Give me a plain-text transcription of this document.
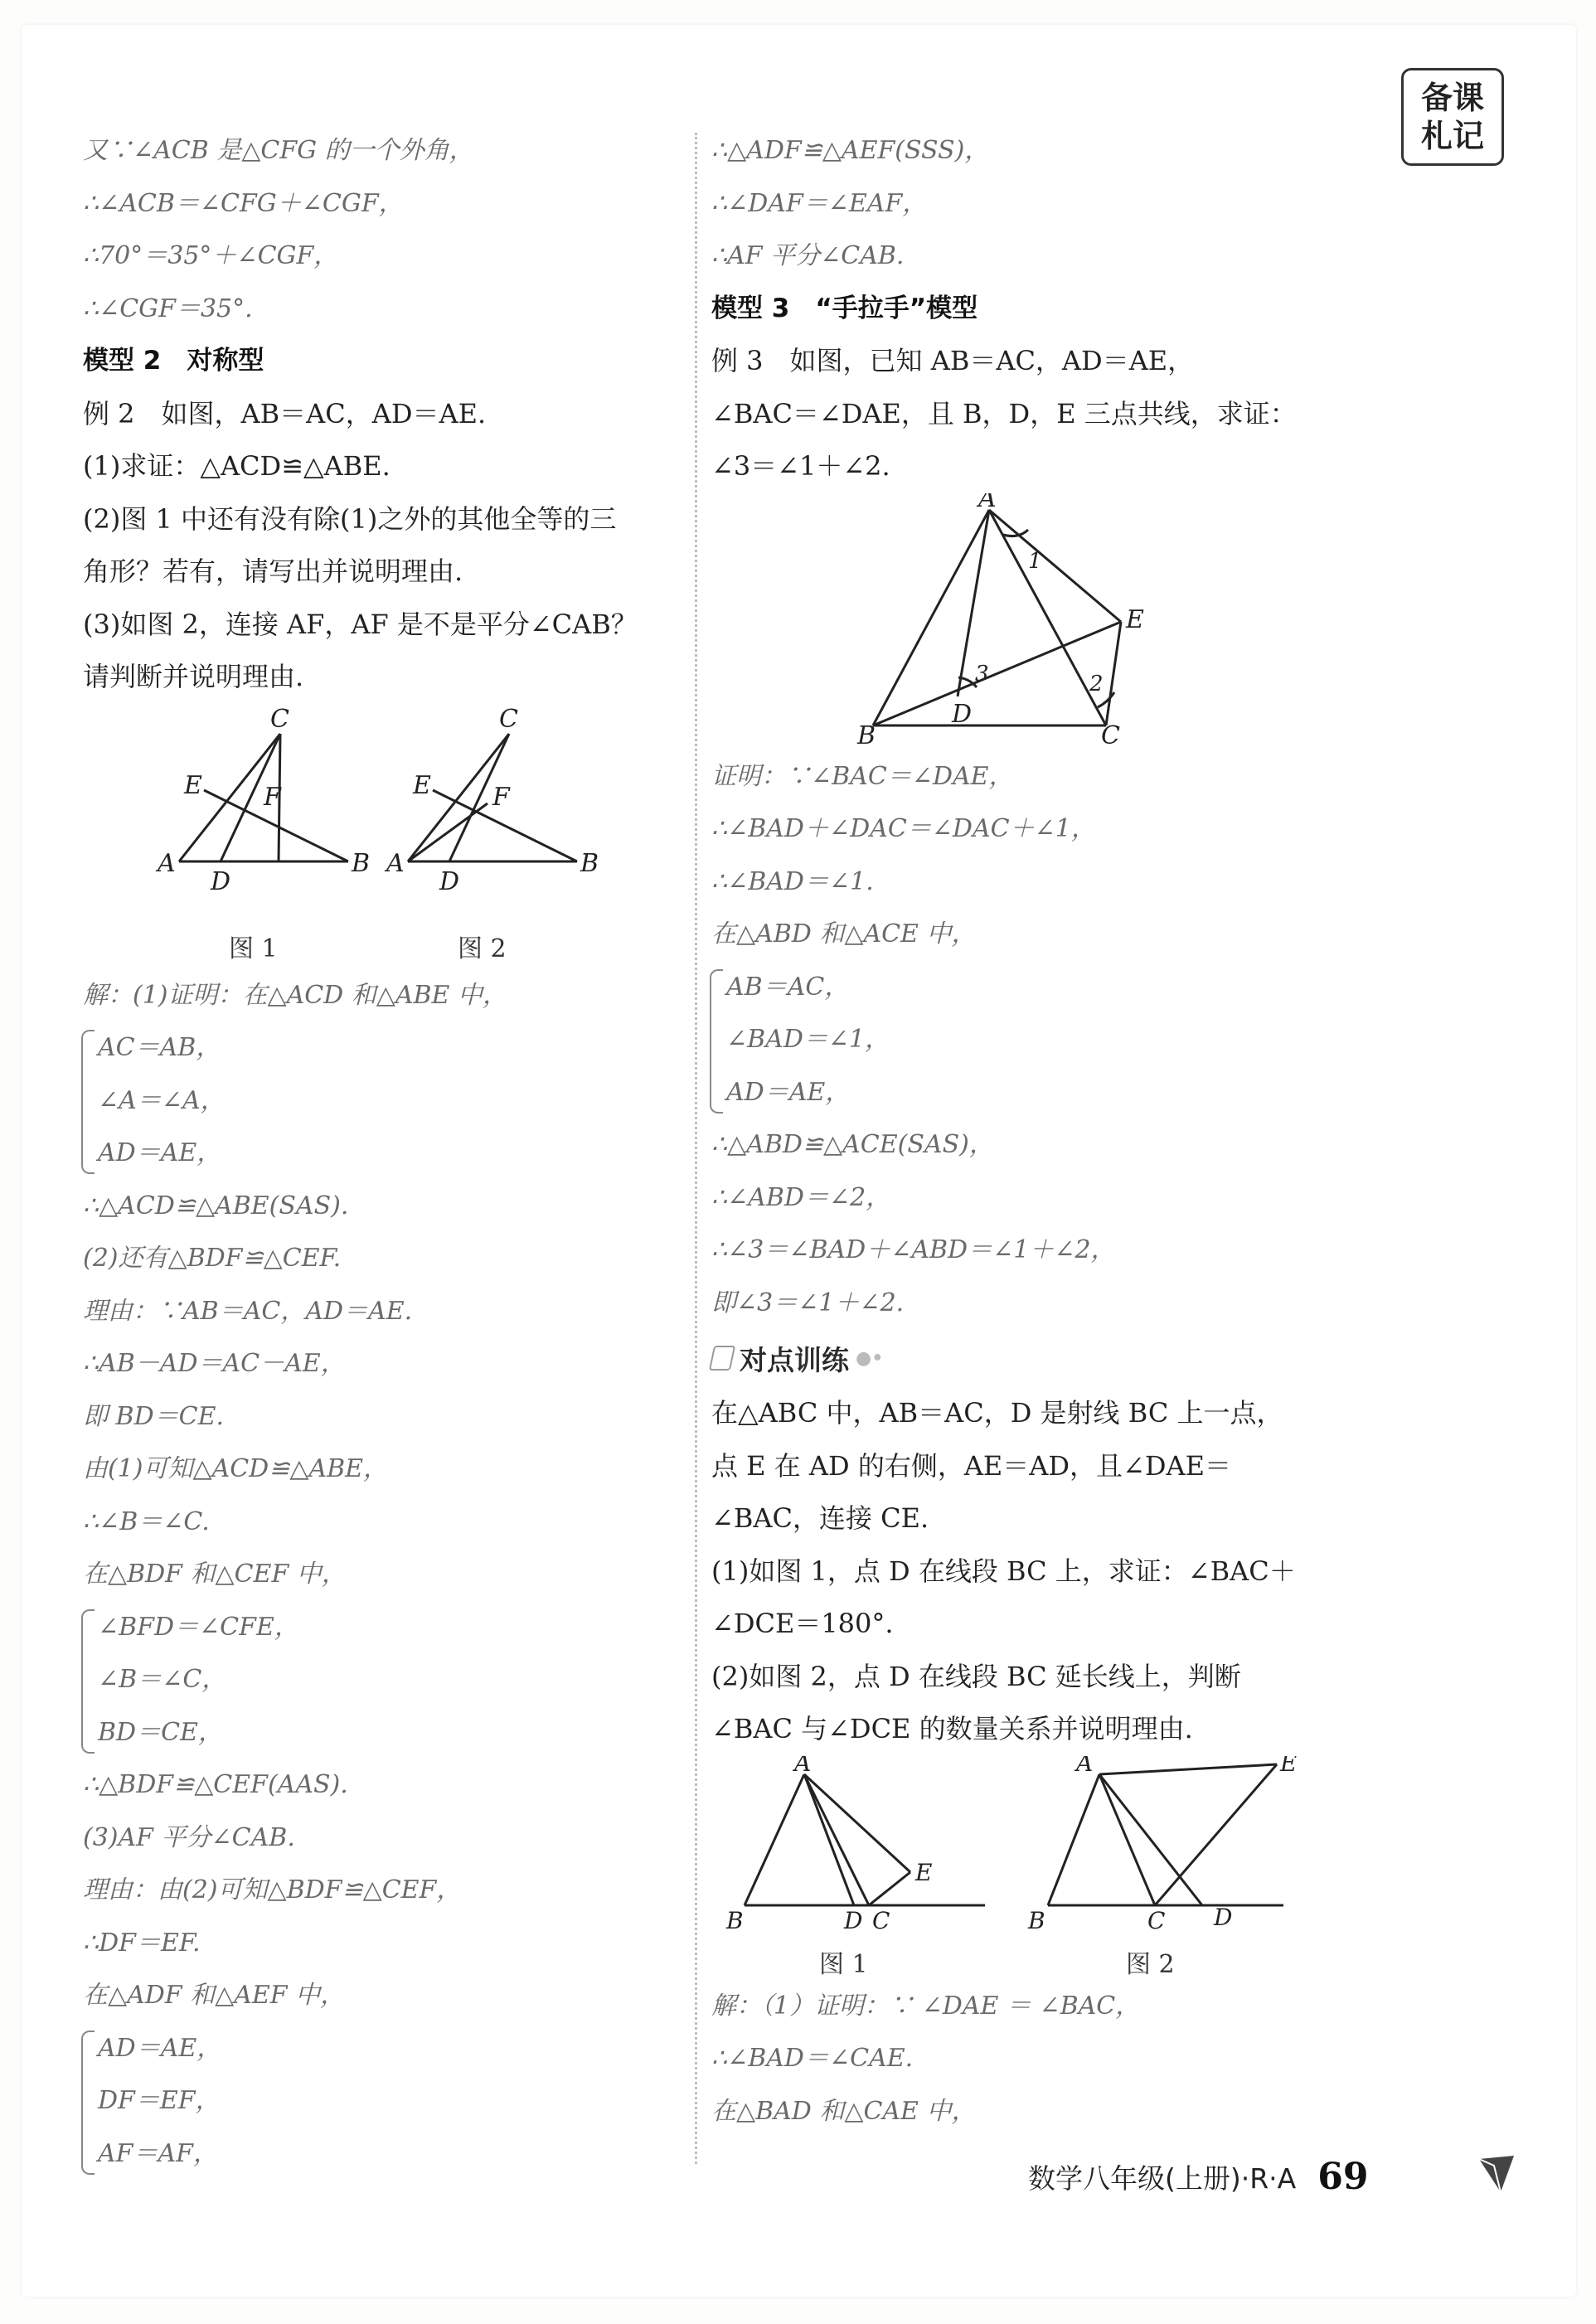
备课
札记
又∵∠ACB 是△CFG 的一个外角，
∴∠ACB＝∠CFG＋∠CGF，
∴70°＝35°＋∠CGF，
∴∠CGF＝35°.
模型 2　对称型
例 2　如图，AB＝AC，AD＝AE.
(1)求证：△ACD≌△ABE.
(2)图 1 中还有没有除(1)之外的其他全等的三
角形？若有，请写出并说明理由.
(3)如图 2，连接 AF，AF 是不是平分∠CAB？
请判断并说明理由.
A	B
C
D
E F
A	B
C
D
E F
图 1	图 2
解：(1)证明：在△ACD 和△ABE 中，
AC＝AB，
∠A＝∠A，
AD＝AE，
∴△ACD≌△ABE(SAS).
(2)还有△BDF≌△CEF.
理由：∵AB＝AC，AD＝AE.
∴AB－AD＝AC－AE，
即 BD＝CE.
由(1)可知△ACD≌△ABE，
∴∠B＝∠C.
在△BDF 和△CEF 中，
∠BFD＝∠CFE，
∠B＝∠C，
BD＝CE，
∴△BDF≌△CEF(AAS).
(3)AF 平分∠CAB.
理由：由(2)可知△BDF≌△CEF，
∴DF＝EF.
在△ADF 和△AEF 中，
AD＝AE，
DF＝EF，
AF＝AF，
∴△ADF≌△AEF(SSS)，
∴∠DAF＝∠EAF，
∴AF 平分∠CAB.
模型 3　“手拉手”模型
例 3　如图，已知 AB＝AC，AD＝AE，
∠BAC＝∠DAE，且 B，D，E 三点共线，求证：
∠3＝∠1＋∠2.
A
B	C
D
E
1
2
3
证明：∵∠BAC＝∠DAE，
∴∠BAD＋∠DAC＝∠DAC＋∠1，
∴∠BAD＝∠1.
在△ABD 和△ACE 中，
AB＝AC，
∠BAD＝∠1，
AD＝AE，
∴△ABD≌△ACE(SAS)，
∴∠ABD＝∠2，
∴∠3＝∠BAD＋∠ABD＝∠1＋∠2，
即∠3＝∠1＋∠2.
对点训练 ●•
在△ABC 中，AB＝AC，D 是射线 BC 上一点，
点 E 在 AD 的右侧，AE＝AD，且∠DAE＝
∠BAC，连接 CE.
(1)如图 1，点 D 在线段 BC 上，求证：∠BAC＋
∠DCE＝180°.
(2)如图 2，点 D 在线段 BC 延长线上，判断
∠BAC 与∠DCE 的数量关系并说明理由.
A
B	C
D
E
A
B	C D
E
图 1	图 2
解：（1）证明：∵ ∠DAE ＝ ∠BAC，
∴∠BAD＝∠CAE.
在△BAD 和△CAE 中，
数学八年级(上册)·R·A 69
